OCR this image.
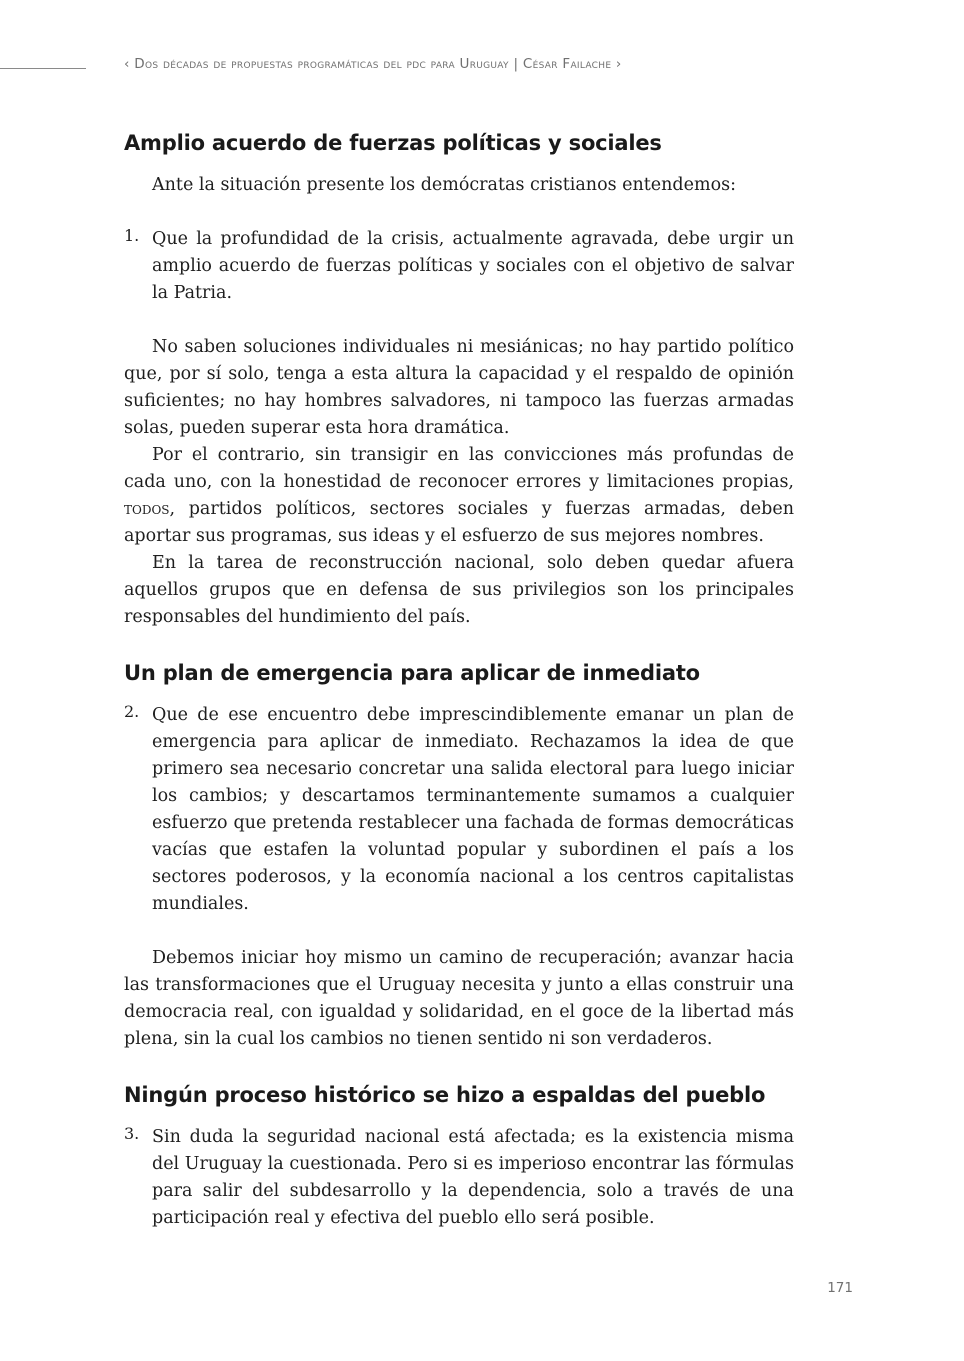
‹ Dos décadas de propuestas programáticas del pdc para Uruguay | César Failache ›
Amplio acuerdo de fuerzas políticas y sociales

Ante la situación presente los demócratas cristianos entendemos:

1. Que la profundidad de la crisis, actualmente agravada, debe urgir un amplio acuerdo de fuerzas políticas y sociales con el objetivo de salvar la Patria.

No saben soluciones individuales ni mesiánicas; no hay partido político que, por sí solo, tenga a esta altura la capacidad y el respaldo de opinión suficientes; no hay hombres salvadores, ni tampoco las fuerzas armadas solas, pueden superar esta hora dramática.

Por el contrario, sin transigir en las convicciones más profundas de cada uno, con la honestidad de reconocer errores y limitaciones propias, todos, partidos políticos, sectores sociales y fuerzas armadas, deben aportar sus programas, sus ideas y el esfuerzo de sus mejores nombres.

En la tarea de reconstrucción nacional, solo deben quedar afuera aquellos grupos que en defensa de sus privilegios son los principales responsables del hundimiento del país.

Un plan de emergencia para aplicar de inmediato
2. Que de ese encuentro debe imprescindiblemente emanar un plan de emergencia para aplicar de inmediato. Rechazamos la idea de que primero sea necesario concretar una salida electoral para luego iniciar los cambios; y descartamos terminantemente sumamos a cualquier esfuerzo que pretenda restablecer una fachada de formas democráticas vacías que estafen la voluntad popular y subordinen el país a los sectores poderosos, y la economía nacional a los centros capitalistas mundiales.

Debemos iniciar hoy mismo un camino de recuperación; avanzar hacia las transformaciones que el Uruguay necesita y junto a ellas construir una democracia real, con igualdad y solidaridad, en el goce de la libertad más plena, sin la cual los cambios no tienen sentido ni son verdaderos.

Ningún proceso histórico se hizo a espaldas del pueblo
3. Sin duda la seguridad nacional está afectada; es la existencia misma del Uruguay la cuestionada. Pero si es imperioso encontrar las fórmulas para salir del subdesarrollo y la dependencia, solo a través de una participación real y efectiva del pueblo ello será posible.

171
